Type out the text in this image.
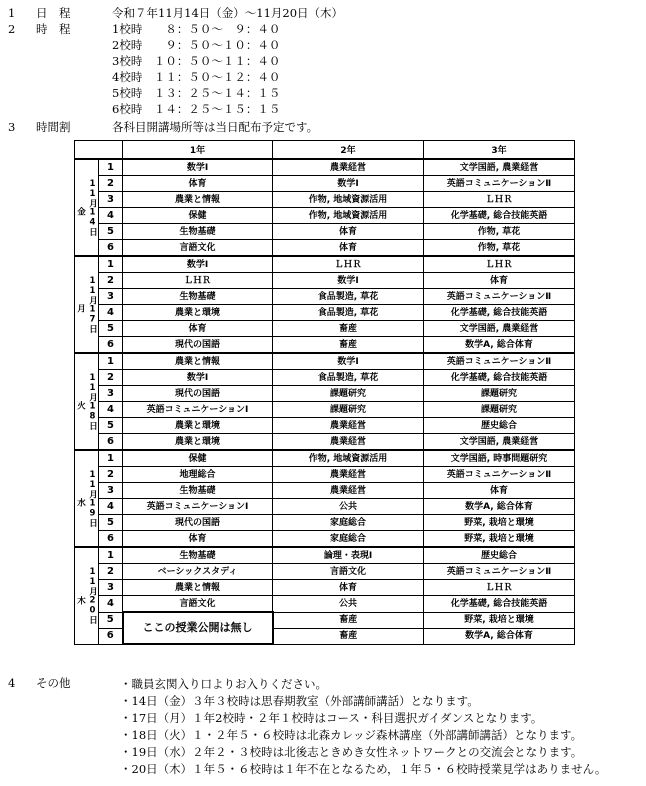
1 日　程	令和７年11月14日（金）～11月20日（木）
2 時　程	1校時　　８：５０～　９：４０
2校時　　９：５０～１０：４０
3校時　１０：５０～１１：４０
4校時　１１：５０～１２：４０
5校時　１３：２５～１４：１５
6校時　１４：２５～１５：１５
3 時間割	各科目開講場所等は当日配布予定です。
		1年	2年	3年
11月14日
金	1	数学Ⅰ	農業経営	文学国語, 農業経営
	2	体育	数学Ⅰ	英語コミュニケーションⅡ
	3	農業と情報	作物, 地域資源活用	ＬＨＲ
	4	保健	作物, 地域資源活用	化学基礎, 総合技能英語
	5	生物基礎	体育	作物, 草花
	6	言語文化	体育	作物, 草花
11月17日
月	1	数学Ⅰ	ＬＨＲ	ＬＨＲ
	2	ＬＨＲ	数学Ⅰ	体育
	3	生物基礎	食品製造, 草花	英語コミュニケーションⅡ
	4	農業と環境	食品製造, 草花	化学基礎, 総合技能英語
	5	体育	畜産	文学国語, 農業経営
	6	現代の国語	畜産	数学A, 総合体育
11月18日
火	1	農業と情報	数学Ⅰ	英語コミュニケーションⅡ
	2	数学Ⅰ	食品製造, 草花	化学基礎, 総合技能英語
	3	現代の国語	課題研究	課題研究
	4	英語コミュニケーションⅠ	課題研究	課題研究
	5	農業と環境	農業経営	歴史総合
	6	農業と環境	農業経営	文学国語, 農業経営
11月19日
水	1	保健	作物, 地域資源活用	文学国語, 時事問題研究
	2	地理総合	農業経営	英語コミュニケーションⅡ
	3	生物基礎	農業経営	体育
	4	英語コミュニケーションⅠ	公共	数学A, 総合体育
	5	現代の国語	家庭総合	野菜, 栽培と環境
	6	体育	家庭総合	野菜, 栽培と環境
11月20日
木	1	生物基礎	論理・表現Ⅰ	歴史総合
	2	ベーシックスタディ	言語文化	英語コミュニケーションⅡ
	3	農業と情報	体育	ＬＨＲ
	4	言語文化	公共	化学基礎, 総合技能英語
	5	ここの授業公開は無し	畜産	野菜, 栽培と環境
	6		畜産	数学A, 総合体育
4 その他	・職員玄関入り口よりお入りください。
・14日（金）３年３校時は思春期教室（外部講師講話）となります。
・17日（月）１年2校時・２年１校時はコース・科目選択ガイダンスとなります。
・18日（火）１・２年５・６校時は北森カレッジ森林講座（外部講師講話）となります。
・19日（水）２年２・３校時は北後志ときめき女性ネットワークとの交流会となります。
・20日（木）１年５・６校時は１年不在となるため，１年５・６校時授業見学はありません。
